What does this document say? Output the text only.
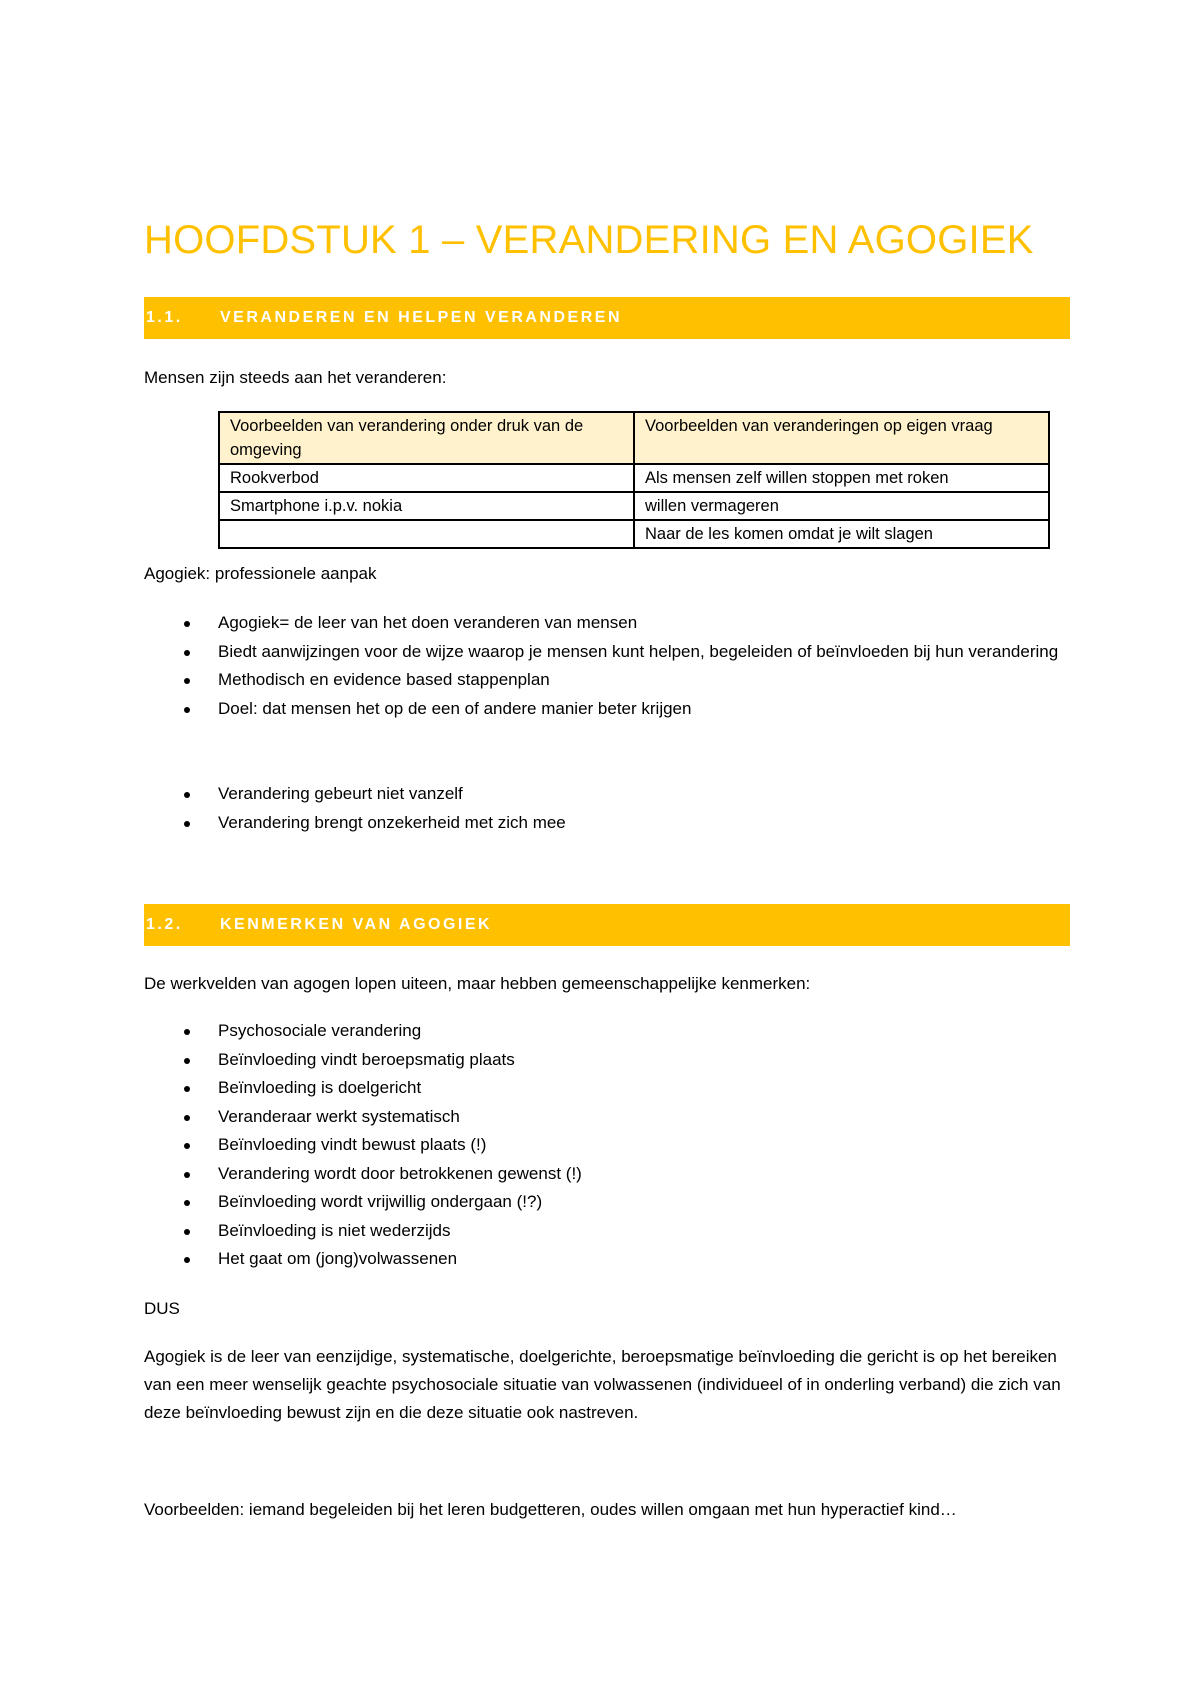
HOOFDSTUK 1 – VERANDERING EN AGOGIEK
1.1.	VERANDEREN EN HELPEN VERANDEREN
Mensen zijn steeds aan het veranderen:
Voorbeelden van verandering onder druk van de omgeving	Voorbeelden van veranderingen op eigen vraag
Rookverbod	Als mensen zelf willen stoppen met roken
Smartphone i.p.v. nokia	willen vermageren
	Naar de les komen omdat je wilt slagen
Agogiek: professionele aanpak
Agogiek= de leer van het doen veranderen van mensen
Biedt aanwijzingen voor de wijze waarop je mensen kunt helpen, begeleiden of beïnvloeden bij hun verandering
Methodisch en evidence based stappenplan
Doel: dat mensen het op de een of andere manier beter krijgen
Verandering gebeurt niet vanzelf
Verandering brengt onzekerheid met zich mee
1.2.	KENMERKEN VAN AGOGIEK
De werkvelden van agogen lopen uiteen, maar hebben gemeenschappelijke kenmerken:
Psychosociale verandering
Beïnvloeding vindt beroepsmatig plaats
Beïnvloeding is doelgericht
Veranderaar werkt systematisch
Beïnvloeding vindt bewust plaats (!)
Verandering wordt door betrokkenen gewenst (!)
Beïnvloeding wordt vrijwillig ondergaan (!?)
Beïnvloeding is niet wederzijds
Het gaat om (jong)volwassenen
DUS
Agogiek is de leer van eenzijdige, systematische, doelgerichte, beroepsmatige beïnvloeding die gericht is op het bereiken van een meer wenselijk geachte psychosociale situatie van volwassenen (individueel of in onderling verband) die zich van deze beïnvloeding bewust zijn en die deze situatie ook nastreven.
Voorbeelden: iemand begeleiden bij het leren budgetteren, oudes willen omgaan met hun hyperactief kind…
